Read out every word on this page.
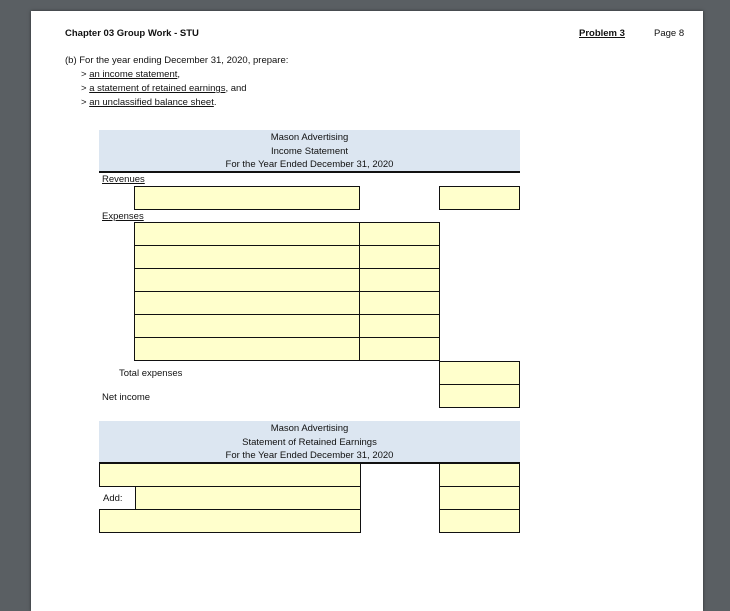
Chapter 03 Group Work - STU	Problem 3	Page 8
(b) For the year ending December 31, 2020, prepare:
> an income statement,
> a statement of retained earnings, and
> an unclassified balance sheet.
Mason Advertising
Income Statement
For the Year Ended December 31, 2020
Revenues
Expenses
Total expenses
Net income
Mason Advertising
Statement of Retained Earnings
For the Year Ended December 31, 2020
Add:
